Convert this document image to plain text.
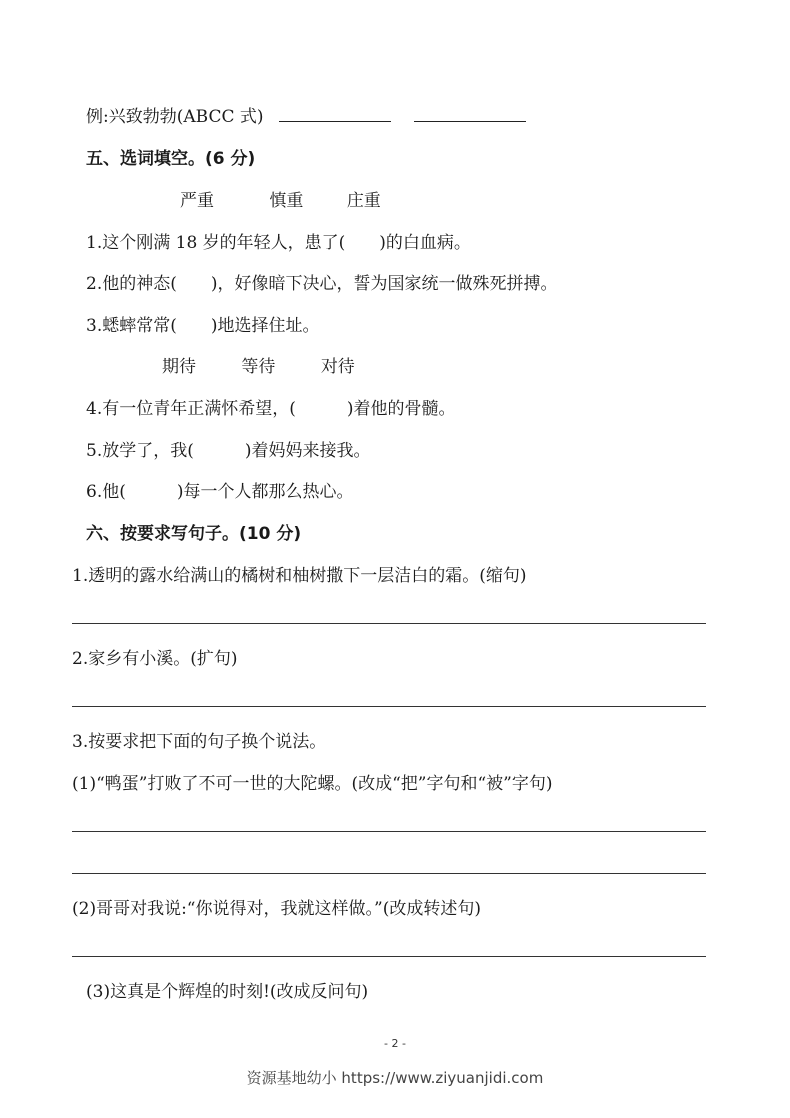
例:兴致勃勃(ABCC 式)
五、选词填空。(6 分)
严重	慎重	庄重
1.这个刚满 18 岁的年轻人，患了(　　)的白血病。
2.他的神态(　　)，好像暗下决心，誓为国家统一做殊死拼搏。
3.蟋蟀常常(　　)地选择住址。
期待	等待	对待
4.有一位青年正满怀希望，(　　　)着他的骨髓。
5.放学了，我(　　　)着妈妈来接我。
6.他(　　　)每一个人都那么热心。
六、按要求写句子。(10 分)
1.透明的露水给满山的橘树和柚树撒下一层洁白的霜。(缩句)
2.家乡有小溪。(扩句)
3.按要求把下面的句子换个说法。
(1)“鸭蛋”打败了不可一世的大陀螺。(改成“把”字句和“被”字句)
(2)哥哥对我说:“你说得对，我就这样做。”(改成转述句)
(3)这真是个辉煌的时刻!(改成反问句)
- 2 -
资源基地幼小 https://www.ziyuanjidi.com
